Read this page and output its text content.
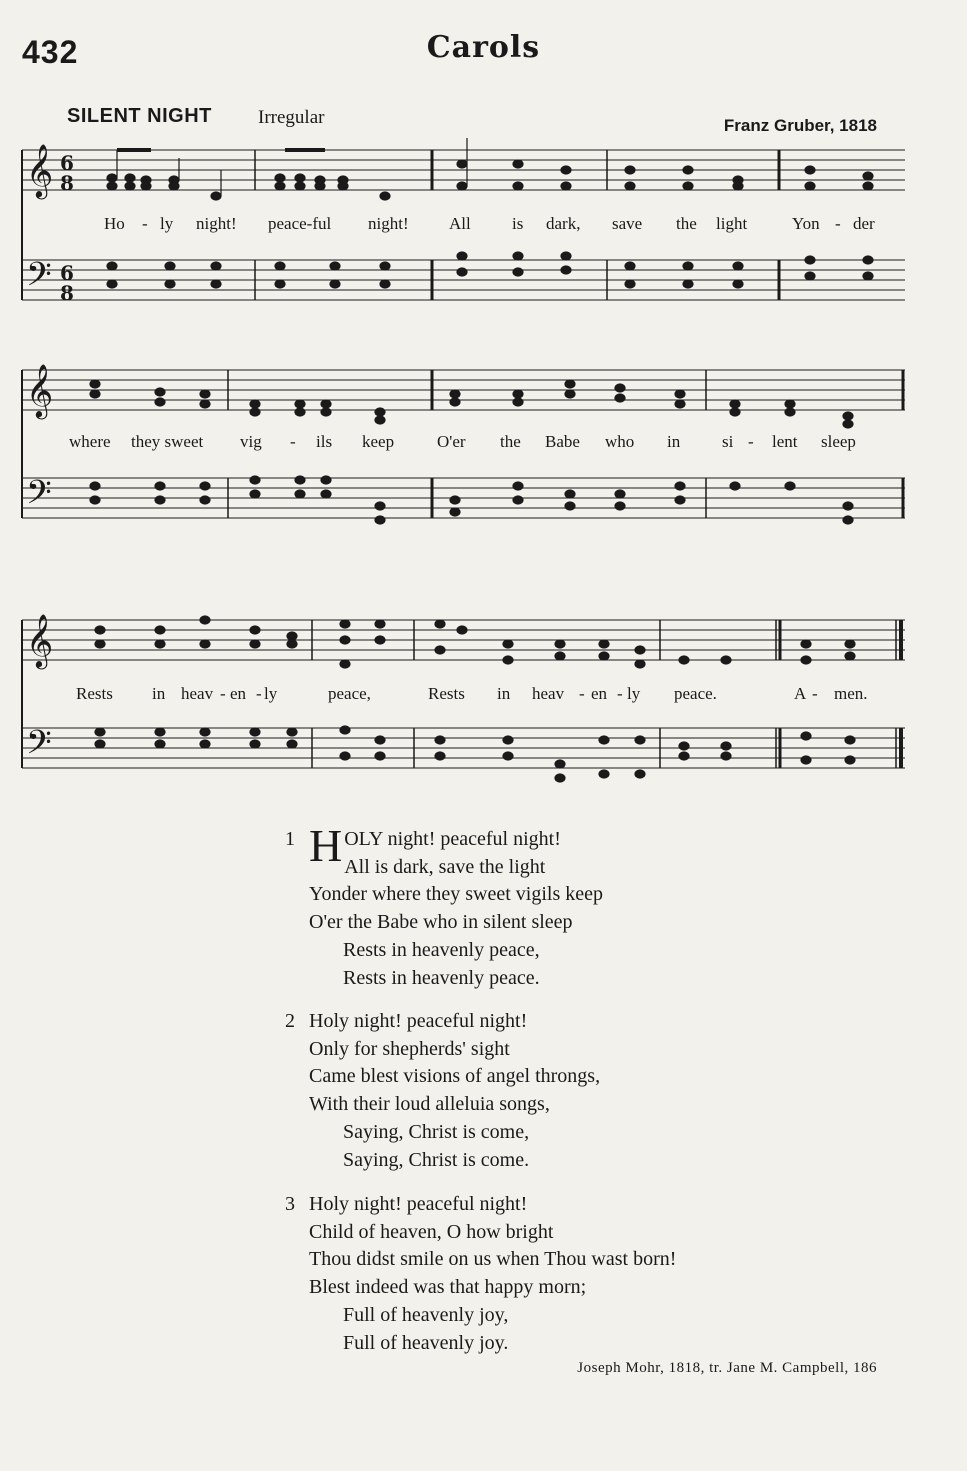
432	Carols
SILENT NIGHT Irregular	Franz Gruber, 1818
𝄞
𝄢
6
8
6
8
𝄞
𝄢
𝄞
𝄢
Ho - ly night! peace-ful night! All is dark, save the light	Yon - der
where they sweet vig - ils keep	O'er the Babe who in si - lent sleep
Rests in heav - en - ly	peace,	Rests in heav - en - ly peace.	A - men.
1 HOLY night! peaceful night!
All is dark, save the light
Yonder where they sweet vigils keep
O'er the Babe who in silent sleep
Rests in heavenly peace,
Rests in heavenly peace.
2 Holy night! peaceful night!
Only for shepherds' sight
Came blest visions of angel throngs,
With their loud alleluia songs,
Saying, Christ is come,
Saying, Christ is come.
3 Holy night! peaceful night!
Child of heaven, O how bright
Thou didst smile on us when Thou wast born!
Blest indeed was that happy morn;
Full of heavenly joy,
Full of heavenly joy.
Joseph Mohr, 1818, tr. Jane M. Campbell, 186
